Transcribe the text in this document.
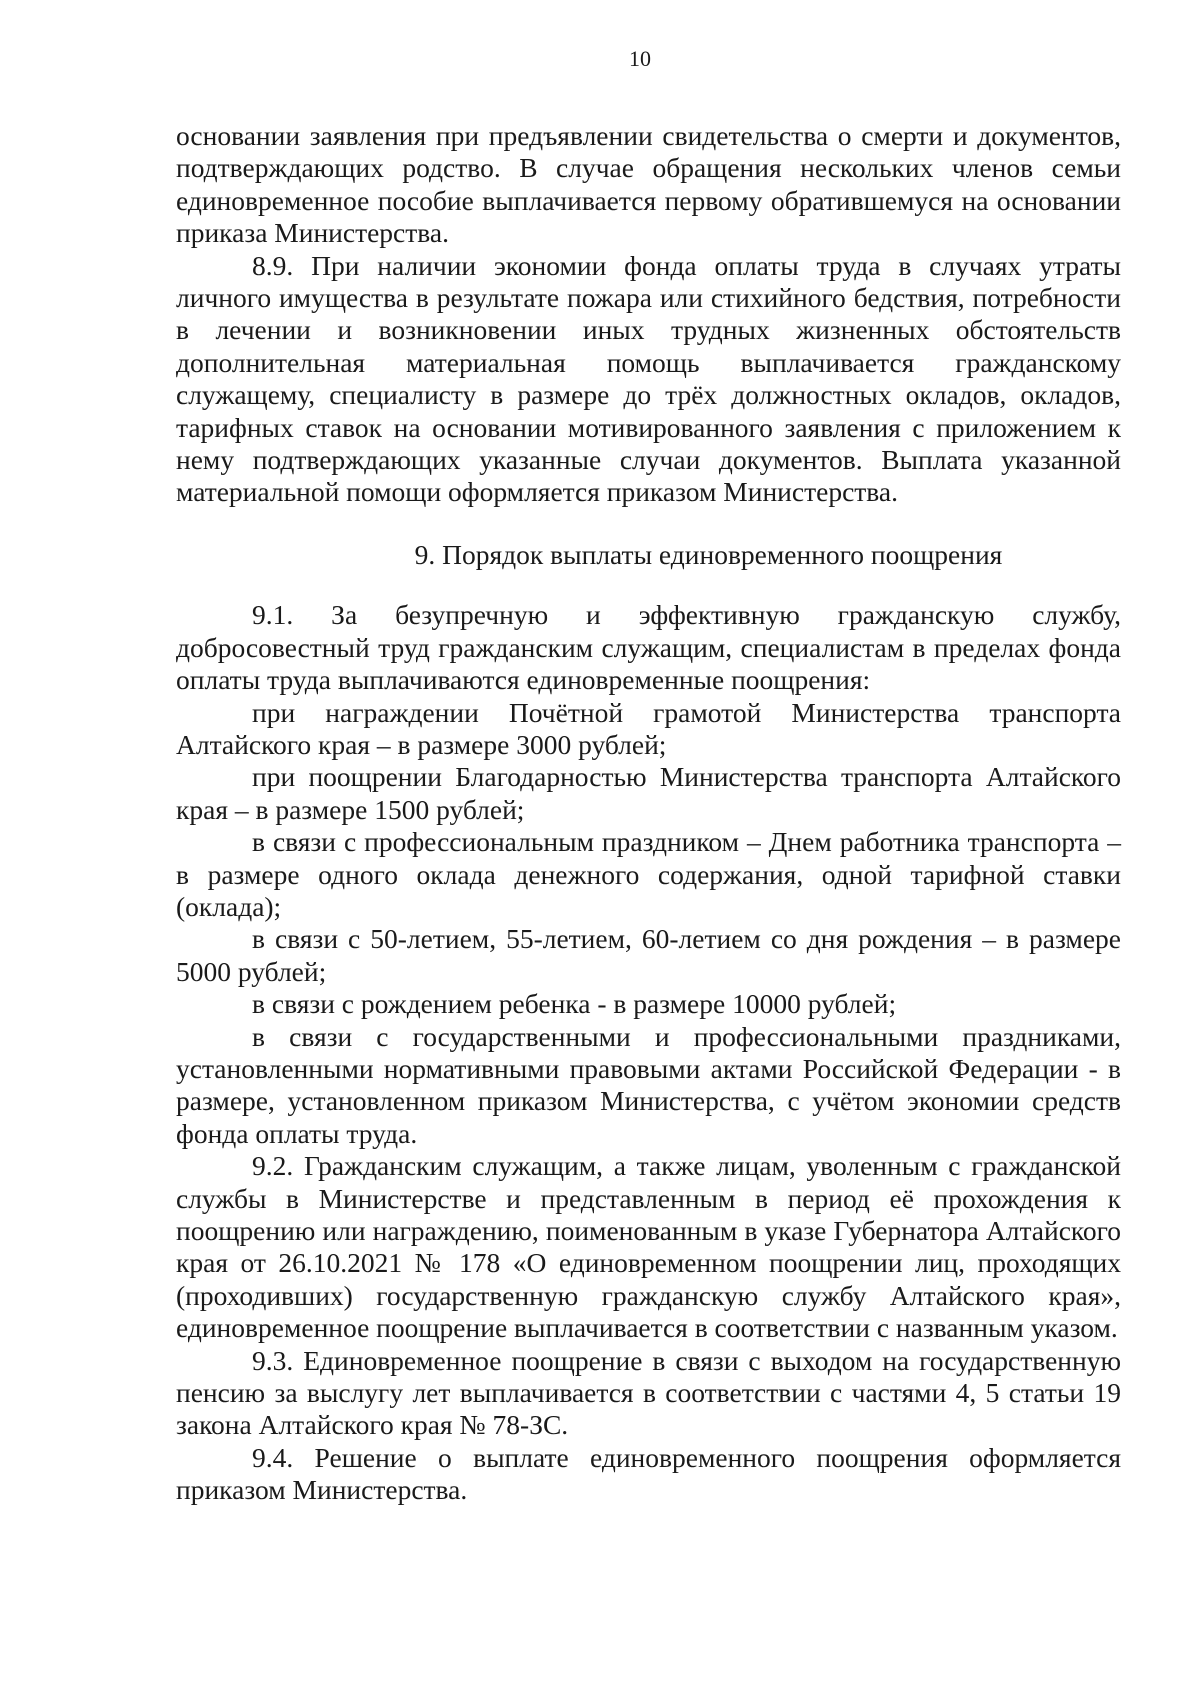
10

основании заявления при предъявлении свидетельства о смерти и документов, подтверждающих родство. В случае обращения нескольких членов семьи единовременное пособие выплачивается первому обратившемуся на основании приказа Министерства.

8.9. При наличии экономии фонда оплаты труда в случаях утраты личного имущества в результате пожара или стихийного бедствия, потребности в лечении и возникновении иных трудных жизненных обстоятельств дополнительная материальная помощь выплачивается гражданскому служащему, специалисту в размере до трёх должностных окладов, окладов, тарифных ставок на основании мотивированного заявления с приложением к нему подтверждающих указанные случаи документов. Выплата указанной материальной помощи оформляется приказом Министерства.

9. Порядок выплаты единовременного поощрения

9.1. За безупречную и эффективную гражданскую службу, добросовестный труд гражданским служащим, специалистам в пределах фонда оплаты труда выплачиваются единовременные поощрения:

при награждении Почётной грамотой Министерства транспорта Алтайского края – в размере 3000 рублей;

при поощрении Благодарностью Министерства транспорта Алтайского края – в размере 1500 рублей;

в связи с профессиональным праздником – Днем работника транспорта – в размере одного оклада денежного содержания, одной тарифной ставки (оклада);

в связи с 50-летием, 55-летием, 60-летием со дня рождения – в размере 5000 рублей;

в связи с рождением ребенка - в размере 10000 рублей;

в связи с государственными и профессиональными праздниками, установленными нормативными правовыми актами Российской Федерации - в размере, установленном приказом Министерства, с учётом экономии средств фонда оплаты труда.

9.2. Гражданским служащим, а также лицам, уволенным с гражданской службы в Министерстве и представленным в период её прохождения к поощрению или награждению, поименованным в указе Губернатора Алтайского края от 26.10.2021 № 178 «О единовременном поощрении лиц, проходящих (проходивших) государственную гражданскую службу Алтайского края», единовременное поощрение выплачивается в соответствии с названным указом.

9.3. Единовременное поощрение в связи с выходом на государственную пенсию за выслугу лет выплачивается в соответствии с частями 4, 5 статьи 19 закона Алтайского края № 78-ЗС.

9.4. Решение о выплате единовременного поощрения оформляется приказом Министерства.
